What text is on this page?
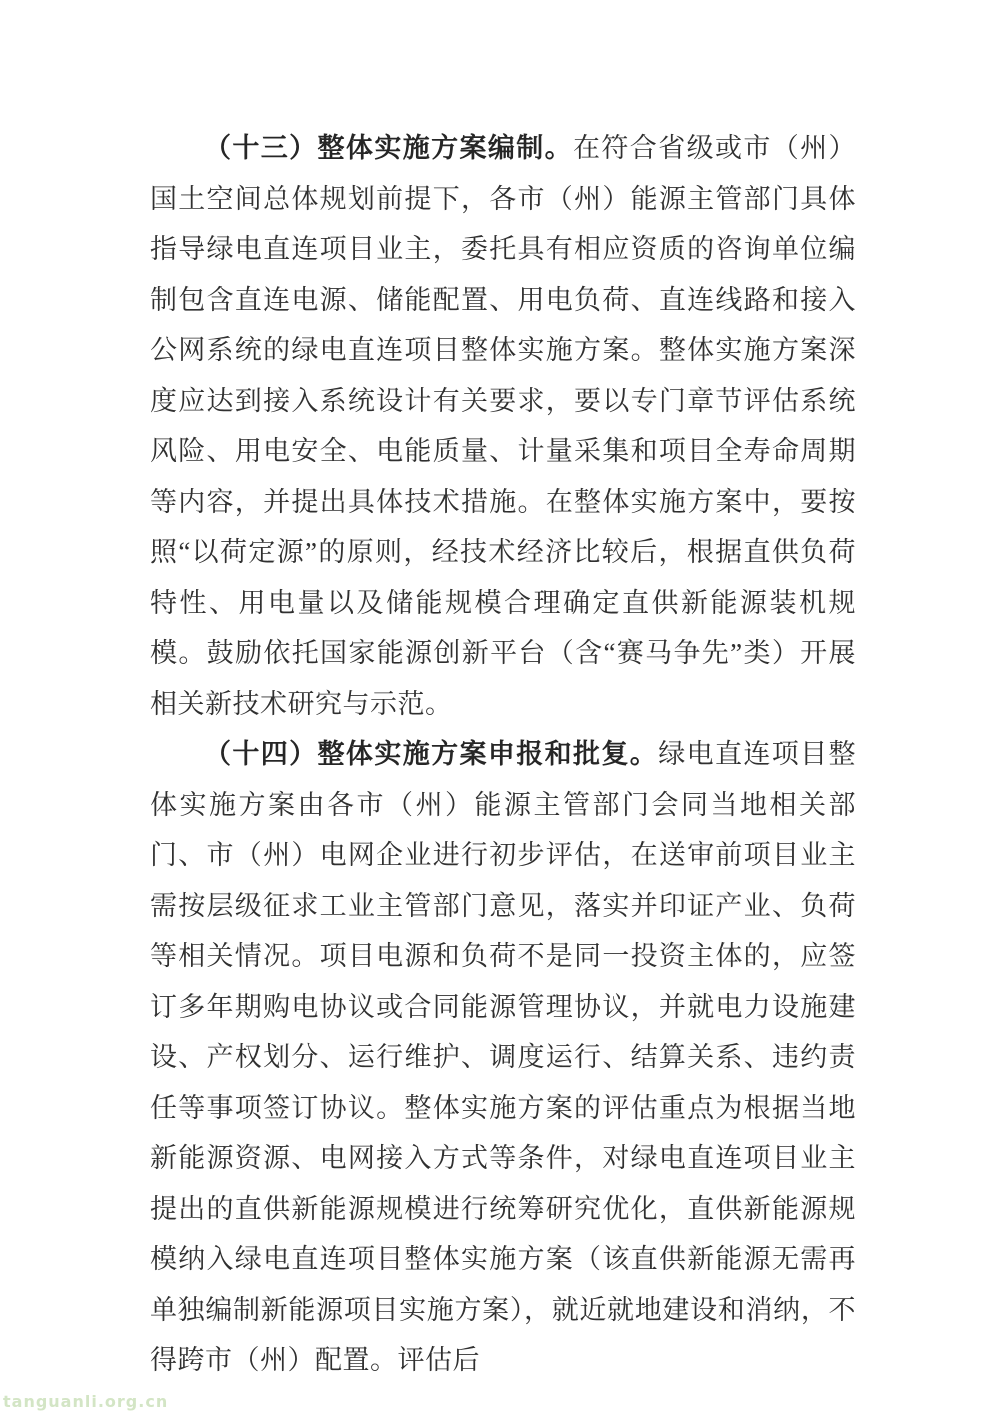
（十三）整体实施方案编制。在符合省级或市（州）国土空间总体规划前提下，各市（州）能源主管部门具体指导绿电直连项目业主，委托具有相应资质的咨询单位编制包含直连电源、储能配置、用电负荷、直连线路和接入公网系统的绿电直连项目整体实施方案。整体实施方案深度应达到接入系统设计有关要求，要以专门章节评估系统风险、用电安全、电能质量、计量采集和项目全寿命周期等内容，并提出具体技术措施。在整体实施方案中，要按照“以荷定源”的原则，经技术经济比较后，根据直供负荷特性、用电量以及储能规模合理确定直供新能源装机规模。鼓励依托国家能源创新平台（含“赛马争先”类）开展相关新技术研究与示范。

（十四）整体实施方案申报和批复。绿电直连项目整体实施方案由各市（州）能源主管部门会同当地相关部门、市（州）电网企业进行初步评估，在送审前项目业主需按层级征求工业主管部门意见，落实并印证产业、负荷等相关情况。项目电源和负荷不是同一投资主体的，应签订多年期购电协议或合同能源管理协议，并就电力设施建设、产权划分、运行维护、调度运行、结算关系、违约责任等事项签订协议。整体实施方案的评估重点为根据当地新能源资源、电网接入方式等条件，对绿电直连项目业主提出的直供新能源规模进行统筹研究优化，直供新能源规模纳入绿电直连项目整体实施方案（该直供新能源无需再单独编制新能源项目实施方案），就近就地建设和消纳，不得跨市（州）配置。评估后

tanguanli.org.cn
